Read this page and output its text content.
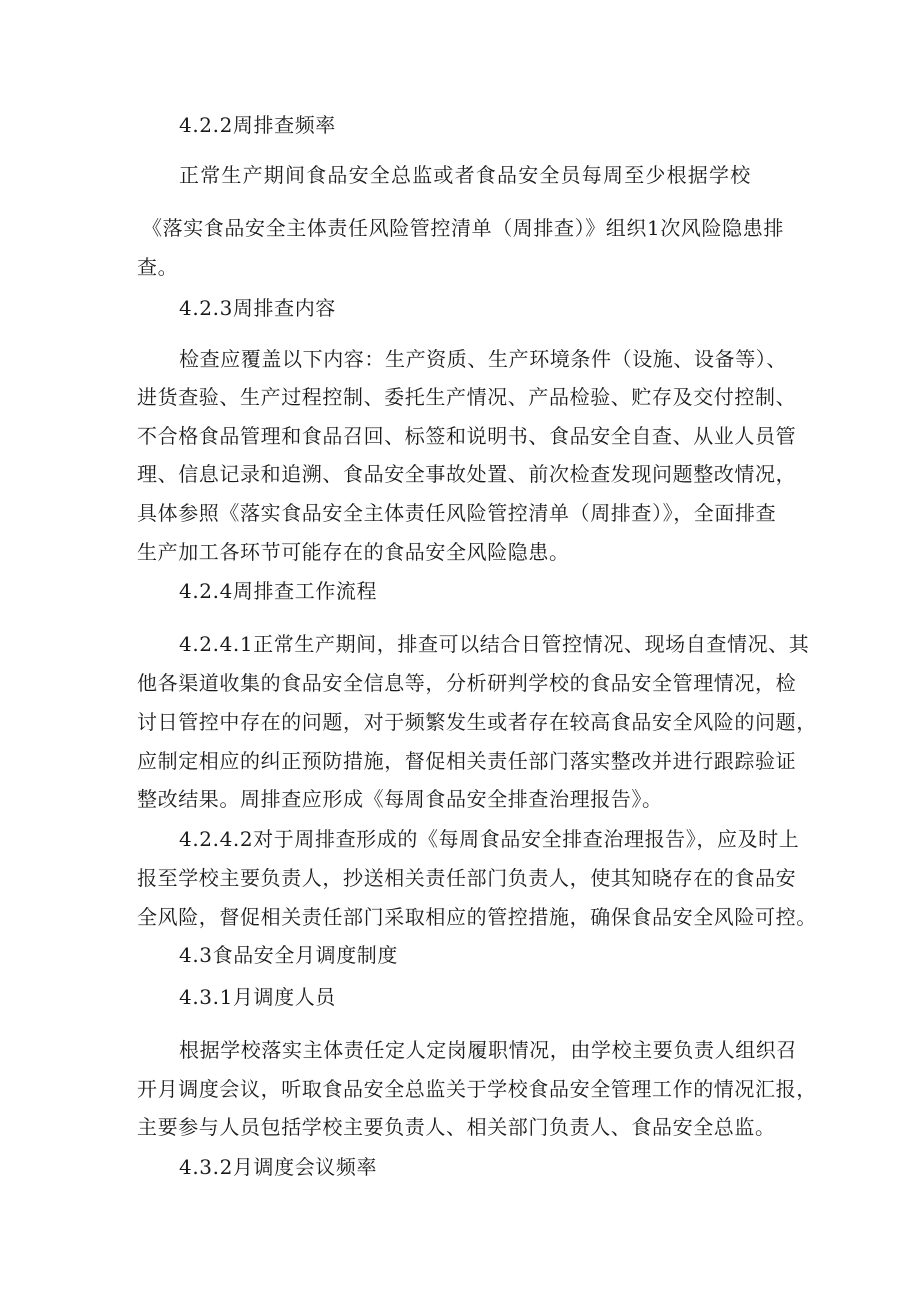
4.2.2周排查频率
正常生产期间食品安全总监或者食品安全员每周至少根据学校
《落实食品安全主体责任风险管控清单（周排查）》组织1次风险隐患排
查。
4.2.3周排查内容
检查应覆盖以下内容：生产资质、生产环境条件（设施、设备等）、
进货查验、生产过程控制、委托生产情况、产品检验、贮存及交付控制、
不合格食品管理和食品召回、标签和说明书、食品安全自查、从业人员管
理、信息记录和追溯、食品安全事故处置、前次检查发现问题整改情况，
具体参照《落实食品安全主体责任风险管控清单（周排查）》，全面排查
生产加工各环节可能存在的食品安全风险隐患。
4.2.4周排查工作流程
4.2.4.1正常生产期间，排查可以结合日管控情况、现场自查情况、其
他各渠道收集的食品安全信息等，分析研判学校的食品安全管理情况，检
讨日管控中存在的问题，对于频繁发生或者存在较高食品安全风险的问题，
应制定相应的纠正预防措施，督促相关责任部门落实整改并进行跟踪验证
整改结果。周排查应形成《每周食品安全排查治理报告》。
4.2.4.2对于周排查形成的《每周食品安全排查治理报告》，应及时上
报至学校主要负责人，抄送相关责任部门负责人，使其知晓存在的食品安
全风险，督促相关责任部门采取相应的管控措施，确保食品安全风险可控。
4.3食品安全月调度制度
4.3.1月调度人员
根据学校落实主体责任定人定岗履职情况，由学校主要负责人组织召
开月调度会议，听取食品安全总监关于学校食品安全管理工作的情况汇报，
主要参与人员包括学校主要负责人、相关部门负责人、食品安全总监。
4.3.2月调度会议频率
